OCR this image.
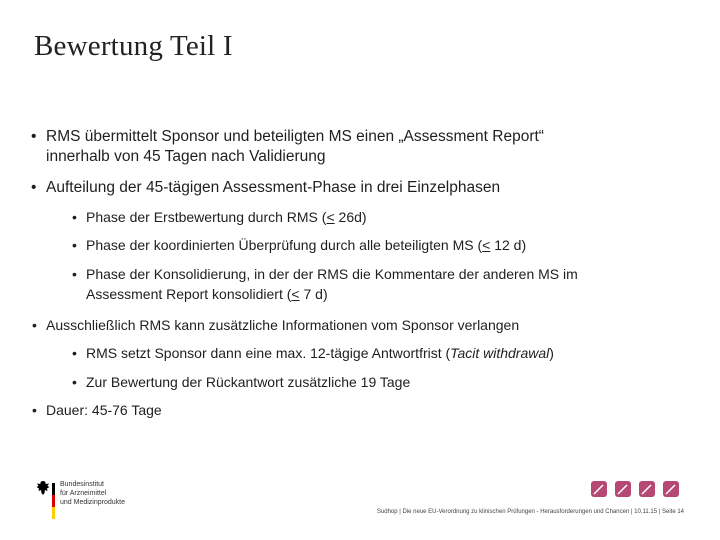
Bewertung Teil I
• RMS übermittelt Sponsor und beteiligten MS einen „Assessment Report“
innerhalb von 45 Tagen nach Validierung
• Aufteilung der 45-tägigen Assessment-Phase in drei Einzelphasen
• Phase der Erstbewertung durch RMS (≤ 26d)
• Phase der koordinierten Überprüfung durch alle beteiligten MS (≤ 12 d)
• Phase der Konsolidierung, in der der RMS die Kommentare der anderen MS im
Assessment Report konsolidiert (≤ 7 d)
• Ausschließlich RMS kann zusätzliche Informationen vom Sponsor verlangen
• RMS setzt Sponsor dann eine max. 12-tägige Antwortfrist (Tacit withdrawal)
• Zur Bewertung der Rückantwort zusätzliche 19 Tage
• Dauer: 45-76 Tage
Bundesinstitut
für Arzneimittel
und Medizinprodukte
Sudhop | Die neue EU-Verordnung zu klinischen Prüfungen - Herausforderungen und Chancen | 10.11.15 | Seite 14
